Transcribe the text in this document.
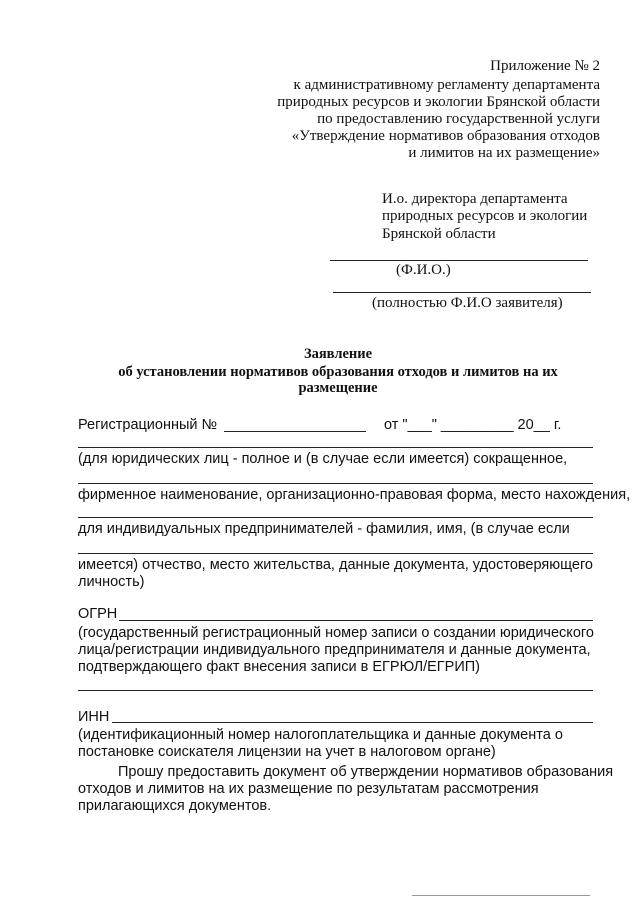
Приложение № 2
к административному регламенту департамента
природных ресурсов и экологии Брянской области
по предоставлению государственной услуги
«Утверждение нормативов образования отходов
и лимитов на их размещение»
И.о. директора департамента
природных ресурсов и экологии
Брянской области
(Ф.И.О.)
(полностью Ф.И.О заявителя)
Заявление
об установлении нормативов образования отходов и лимитов на их
размещение
Регистрационный №	от "___" _________ 20__ г.
(для юридических лиц - полное и (в случае если имеется) сокращенное,
фирменное наименование, организационно-правовая форма, место нахождения,
для индивидуальных предпринимателей - фамилия, имя, (в случае если
имеется) отчество, место жительства, данные документа, удостоверяющего
личность)
ОГРН
(государственный регистрационный номер записи о создании юридического
лица/регистрации индивидуального предпринимателя и данные документа,
подтверждающего факт внесения записи в ЕГРЮЛ/ЕГРИП)
ИНН
(идентификационный номер налогоплательщика и данные документа о
постановке соискателя лицензии на учет в налоговом органе)
Прошу предоставить документ об утверждении нормативов образования
отходов и лимитов на их размещение по результатам рассмотрения
прилагающихся документов.
